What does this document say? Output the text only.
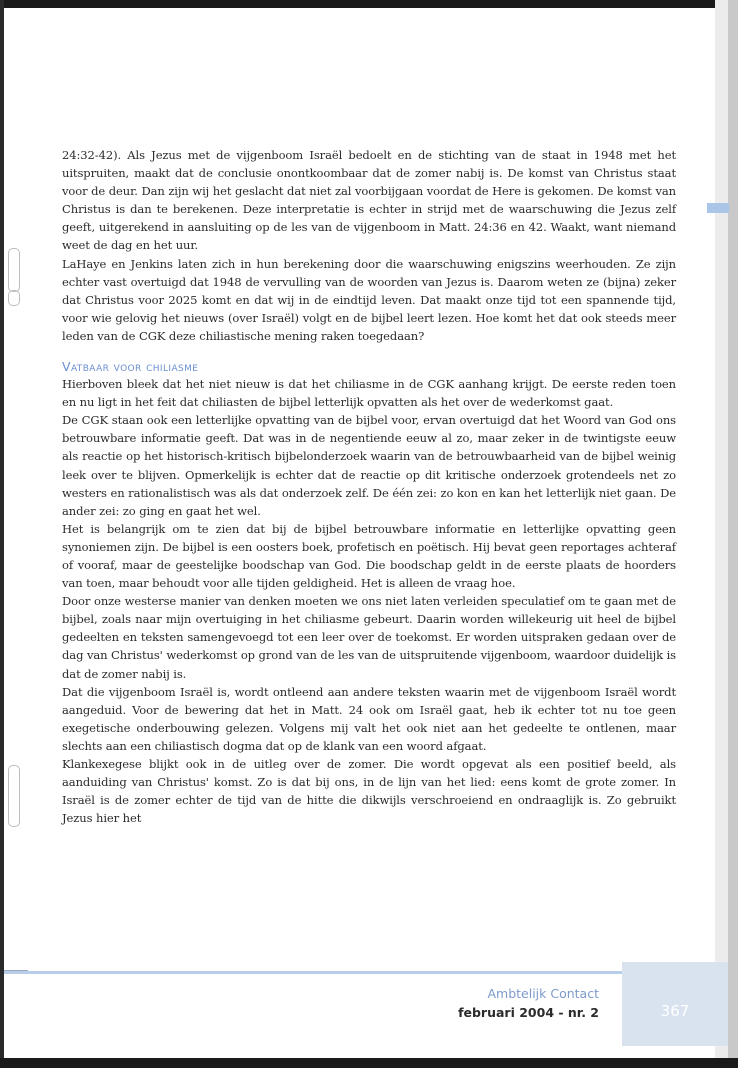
24:32-42). Als Jezus met de vijgenboom Israël bedoelt en de stichting van de staat in 1948 met het uitspruiten, maakt dat de conclusie onontkoombaar dat de zomer nabij is. De komst van Christus staat voor de deur. Dan zijn wij het geslacht dat niet zal voorbijgaan voordat de Here is gekomen. De komst van Christus is dan te berekenen. Deze interpretatie is echter in strijd met de waarschuwing die Jezus zelf geeft, uitgerekend in aansluiting op de les van de vijgenboom in Matt. 24:36 en 42. Waakt, want niemand weet de dag en het uur.

LaHaye en Jenkins laten zich in hun berekening door die waarschuwing enigszins weerhouden. Ze zijn echter vast overtuigd dat 1948 de vervulling van de woorden van Jezus is. Daarom weten ze (bijna) zeker dat Christus voor 2025 komt en dat wij in de eindtijd leven. Dat maakt onze tijd tot een spannende tijd, voor wie gelovig het nieuws (over Israël) volgt en de bijbel leert lezen. Hoe komt het dat ook steeds meer leden van de CGK deze chiliastische mening raken toegedaan?

Vatbaar voor chiliasme

Hierboven bleek dat het niet nieuw is dat het chiliasme in de CGK aanhang krijgt. De eerste reden toen en nu ligt in het feit dat chiliasten de bijbel letterlijk opvatten als het over de wederkomst gaat.

De CGK staan ook een letterlijke opvatting van de bijbel voor, ervan overtuigd dat het Woord van God ons betrouwbare informatie geeft. Dat was in de negentiende eeuw al zo, maar zeker in de twintigste eeuw als reactie op het historisch-kritisch bijbelonderzoek waarin van de betrouwbaarheid van de bijbel weinig leek over te blijven. Opmerkelijk is echter dat de reactie op dit kritische onderzoek grotendeels net zo westers en rationalistisch was als dat onderzoek zelf. De één zei: zo kon en kan het letterlijk niet gaan. De ander zei: zo ging en gaat het wel.

Het is belangrijk om te zien dat bij de bijbel betrouwbare informatie en letterlijke opvatting geen synoniemen zijn. De bijbel is een oosters boek, profetisch en poëtisch. Hij bevat geen reportages achteraf of vooraf, maar de geestelijke boodschap van God. Die boodschap geldt in de eerste plaats de hoorders van toen, maar behoudt voor alle tijden geldigheid. Het is alleen de vraag hoe.

Door onze westerse manier van denken moeten we ons niet laten verleiden speculatief om te gaan met de bijbel, zoals naar mijn overtuiging in het chiliasme gebeurt. Daarin worden willekeurig uit heel de bijbel gedeelten en teksten samengevoegd tot een leer over de toekomst. Er worden uitspraken gedaan over de dag van Christus' wederkomst op grond van de les van de uitspruitende vijgenboom, waardoor duidelijk is dat de zomer nabij is.

Dat die vijgenboom Israël is, wordt ontleend aan andere teksten waarin met de vijgenboom Israël wordt aangeduid. Voor de bewering dat het in Matt. 24 ook om Israël gaat, heb ik echter tot nu toe geen exegetische onderbouwing gelezen. Volgens mij valt het ook niet aan het gedeelte te ontlenen, maar slechts aan een chiliastisch dogma dat op de klank van een woord afgaat.

Klankexegese blijkt ook in de uitleg over de zomer. Die wordt opgevat als een positief beeld, als aanduiding van Christus' komst. Zo is dat bij ons, in de lijn van het lied: eens komt de grote zomer. In Israël is de zomer echter de tijd van de hitte die dikwijls verschroeiend en ondraaglijk is. Zo gebruikt Jezus hier het

367
Ambtelijk Contact
februari 2004 - nr. 2
